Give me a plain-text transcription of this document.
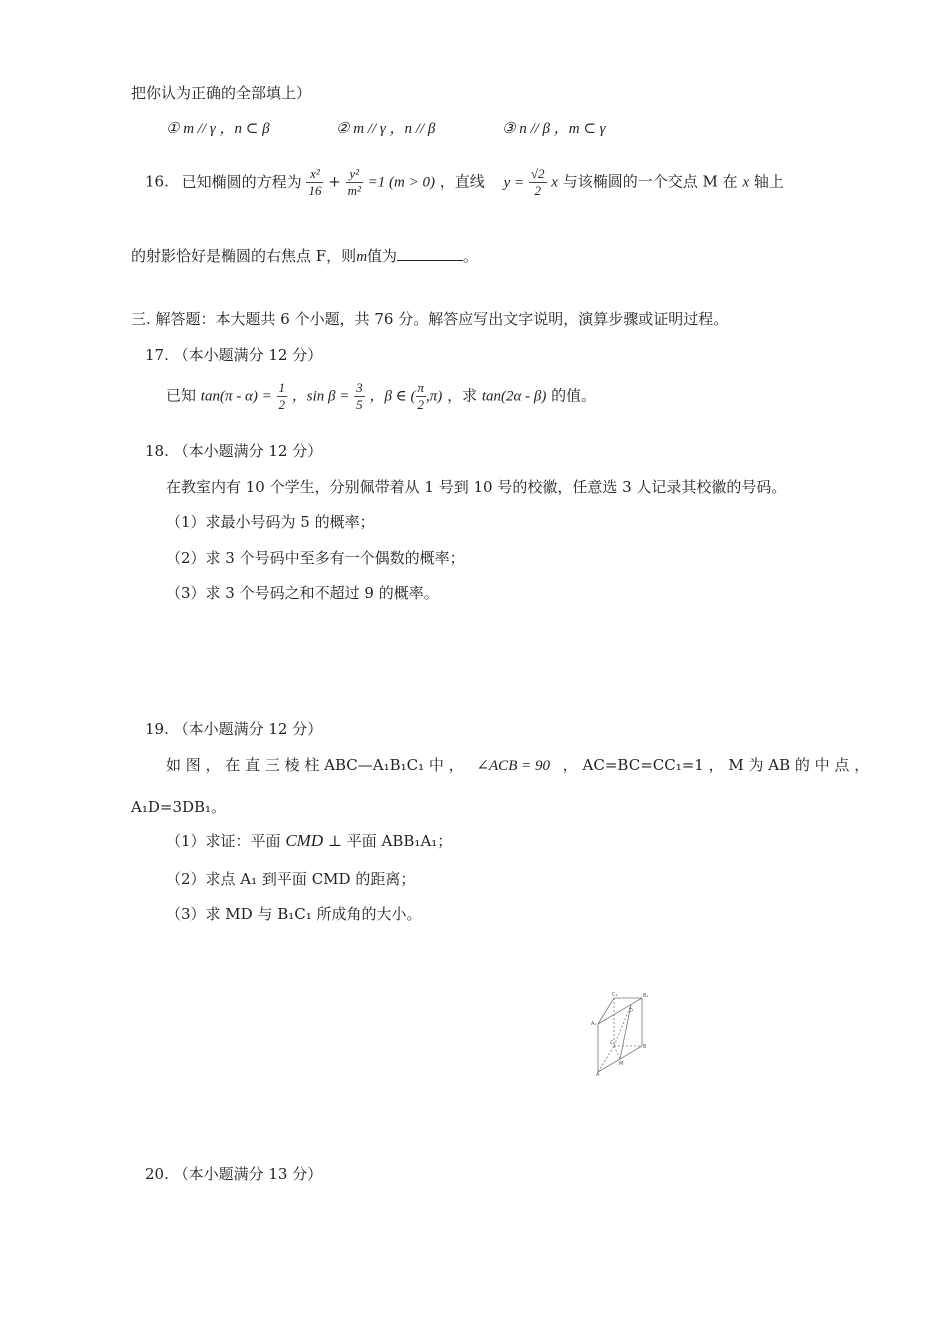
把你认为正确的全部填上）
① m // γ ，n ⊂ β	② m // γ ，n // β	③ n // β ，m ⊂ γ
16. 已知椭圆的方程为 $\frac{\text{x²}}{16} + \frac{\text{y²}}{\text{m²}} =1$ (m > 0) ，直线 $y = \frac{√2}{2}$ x 与该椭圆的一个交点 M 在 x 轴上
的射影恰好是椭圆的右焦点 F，则m值为	。
三. 解答题：本大题共 6 个小题，共 76 分。解答应写出文字说明，演算步骤或证明过程。
17. （本小题满分 12 分）
已知 $\tan(\pi - \alpha) = \frac{1}{2}$ ，$\sin \beta = \frac{3}{5}$ ，β ∈ ( $\frac{\pi}{2} ,\pi$) ，求 tan(2α - β) 的值。
18. （本小题满分 12 分）
在教室内有 10 个学生，分别佩带着从 1 号到 10 号的校徽，任意选 3 人记录其校徽的号码。
（1）求最小号码为 5 的概率；
（2）求 3 个号码中至多有一个偶数的概率；
（3）求 3 个号码之和不超过 9 的概率。
19. （本小题满分 12 分）
如 图 ， 在 直 三 棱 柱 ABC—A₁B₁C₁ 中 ， ∠ACB = 90 ， AC=BC=CC₁=1 ， M 为 AB 的 中 点 ，
A₁D=3DB₁。
（1）求证：平面 CMD ⊥ 平面 ABB₁A₁；
（2）求点 A₁ 到平面 CMD 的距离；
（3）求 MD 与 B₁C₁ 所成角的大小。
C₁	B₁
A₁
D
C
B
M
A
20. （本小题满分 13 分）
